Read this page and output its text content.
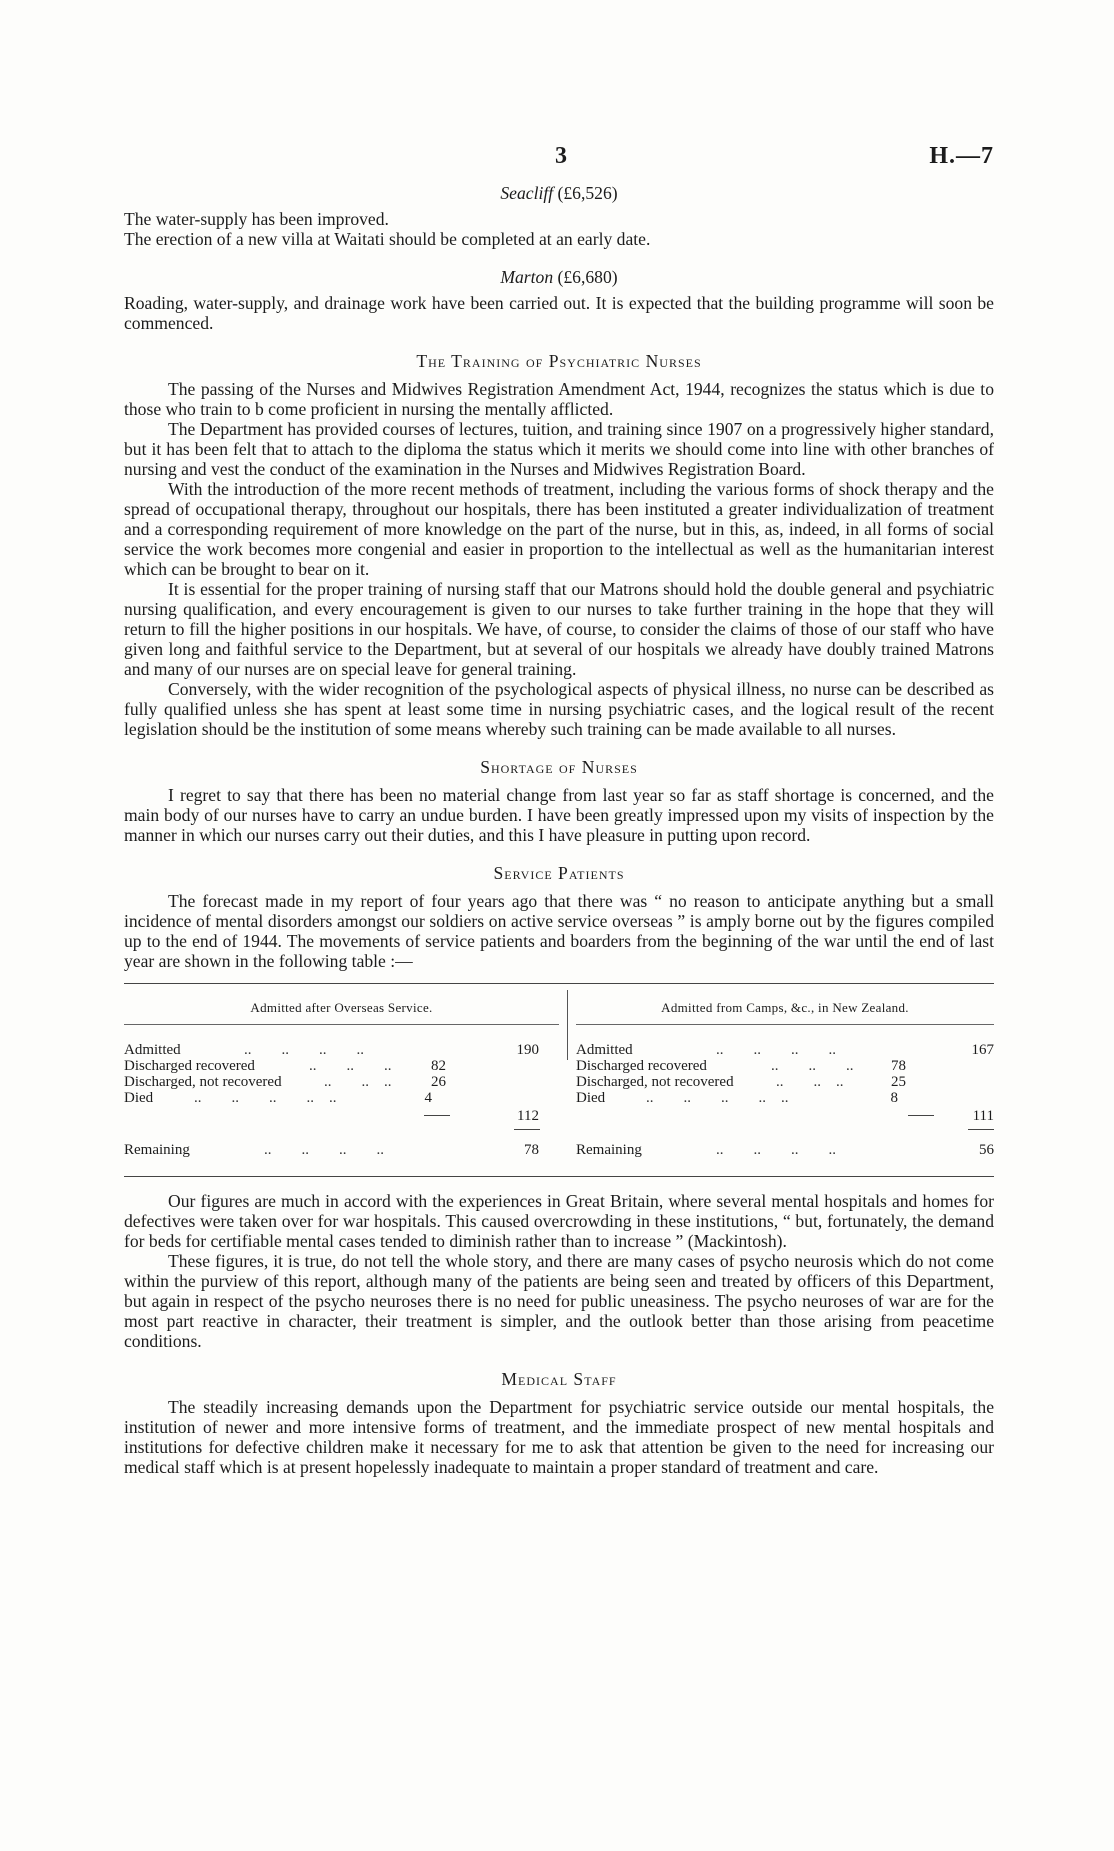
3	H.—7
Seacliff (£6,526)

The water-supply has been improved.

The erection of a new villa at Waitati should be completed at an early date.

Marton (£6,680)

Roading, water-supply, and drainage work have been carried out. It is expected that the building programme will soon be commenced.

The Training of Psychiatric Nurses

The passing of the Nurses and Midwives Registration Amendment Act, 1944, recognizes the status which is due to those who train to b come proficient in nursing the mentally afflicted.

The Department has provided courses of lectures, tuition, and training since 1907 on a progressively higher standard, but it has been felt that to attach to the diploma the status which it merits we should come into line with other branches of nursing and vest the conduct of the examination in the Nurses and Midwives Registration Board.

With the introduction of the more recent methods of treatment, including the various forms of shock therapy and the spread of occupational therapy, throughout our hospitals, there has been instituted a greater individualization of treatment and a corresponding requirement of more knowledge on the part of the nurse, but in this, as, indeed, in all forms of social service the work becomes more congenial and easier in proportion to the intellectual as well as the humanitarian interest which can be brought to bear on it.

It is essential for the proper training of nursing staff that our Matrons should hold the double general and psychiatric nursing qualification, and every encouragement is given to our nurses to take further training in the hope that they will return to fill the higher positions in our hospitals. We have, of course, to consider the claims of those of our staff who have given long and faithful service to the Department, but at several of our hospitals we already have doubly trained Matrons and many of our nurses are on special leave for general training.

Conversely, with the wider recognition of the psychological aspects of physical illness, no nurse can be described as fully qualified unless she has spent at least some time in nursing psychiatric cases, and the logical result of the recent legislation should be the institution of some means whereby such training can be made available to all nurses.

Shortage of Nurses

I regret to say that there has been no material change from last year so far as staff shortage is concerned, and the main body of our nurses have to carry an undue burden. I have been greatly impressed upon my visits of inspection by the manner in which our nurses carry out their duties, and this I have pleasure in putting upon record.

Service Patients

The forecast made in my report of four years ago that there was “ no reason to anticipate anything but a small incidence of mental disorders amongst our soldiers on active service overseas ” is amply borne out by the figures compiled up to the end of 1944. The movements of service patients and boarders from the beginning of the war until the end of last year are shown in the following table :—

Admitted after Overseas Service.
Admitted	..  ..  ..  ..	190
Discharged recovered	..  ..  ..	82
Discharged, not recovered	..  .. ..	26
Died	..  ..  ..  .. ..	4
112
Remaining	..  ..  ..  ..	78
Admitted from Camps, &c., in New Zealand.
Admitted	..  ..  ..  ..	167
Discharged recovered	..  ..  ..	78
Discharged, not recovered	..  .. ..	25
Died	..  ..  ..  .. ..	8
111
Remaining	..  ..  ..  ..	56

Our figures are much in accord with the experiences in Great Britain, where several mental hospitals and homes for defectives were taken over for war hospitals. This caused overcrowding in these institutions, “ but, fortunately, the demand for beds for certifiable mental cases tended to diminish rather than to increase ” (Mackintosh).

These figures, it is true, do not tell the whole story, and there are many cases of psycho neurosis which do not come within the purview of this report, although many of the patients are being seen and treated by officers of this Department, but again in respect of the psycho neuroses there is no need for public uneasiness. The psycho neuroses of war are for the most part reactive in character, their treatment is simpler, and the outlook better than those arising from peacetime conditions.

Medical Staff

The steadily increasing demands upon the Department for psychiatric service outside our mental hospitals, the institution of newer and more intensive forms of treatment, and the immediate prospect of new mental hospitals and institutions for defective children make it necessary for me to ask that attention be given to the need for increasing our medical staff which is at present hopelessly inadequate to maintain a proper standard of treatment and care.
